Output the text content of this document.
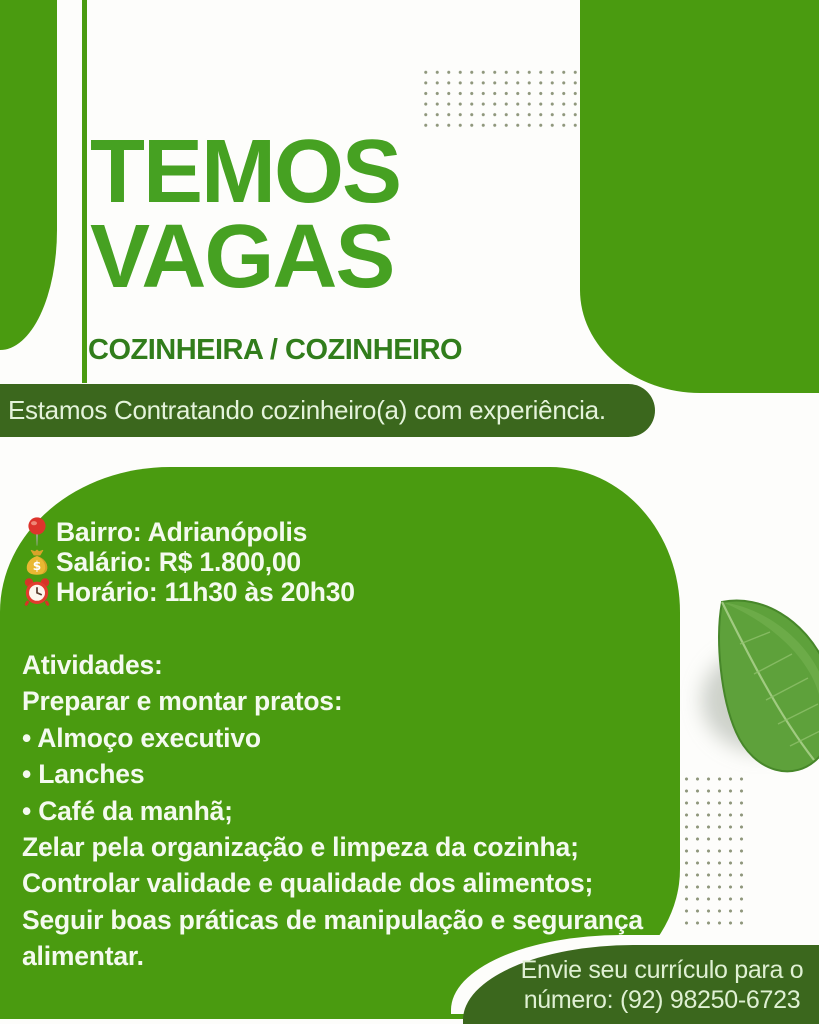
TEMOS
VAGAS
COZINHEIRA / COZINHEIRO
Estamos Contratando cozinheiro(a) com experiência.
Bairro: Adrianópolis
$ Salário: R$ 1.800,00
Horário: 11h30 às 20h30
Atividades:
Preparar e montar pratos:
• Almoço executivo
• Lanches
• Café da manhã;
Zelar pela organização e limpeza da cozinha;
Controlar validade e qualidade dos alimentos;
Seguir boas práticas de manipulação e segurança alimentar.	Envie seu currículo para o
número: (92) 98250-6723
